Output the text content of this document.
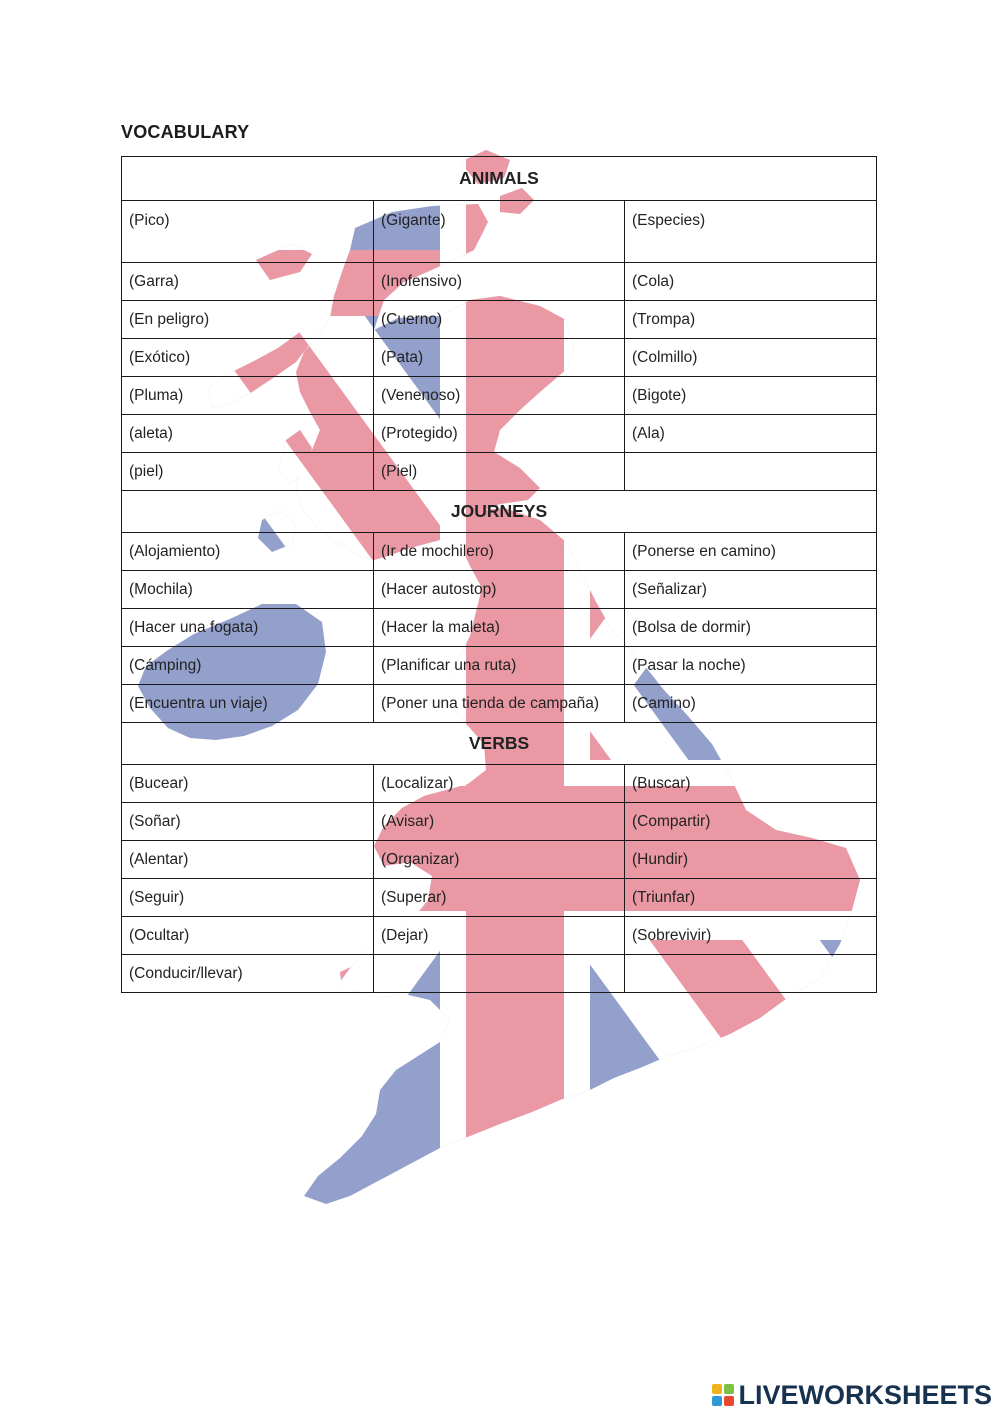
VOCABULARY
ANIMALS		
(Pico)	(Gigante)	(Especies)
(Garra)	(Inofensivo)	(Cola)
(En peligro)	(Cuerno)	(Trompa)
(Exótico)	(Pata)	(Colmillo)
(Pluma)	(Venenoso)	(Bigote)
(aleta)	(Protegido)	(Ala)
(piel)	(Piel)	
JOURNEYS		
(Alojamiento)	(Ir de mochilero)	(Ponerse en camino)
(Mochila)	(Hacer autostop)	(Señalizar)
(Hacer una fogata)	(Hacer la maleta)	(Bolsa de dormir)
(Cámping)	(Planificar una ruta)	(Pasar la noche)
(Encuentra un viaje)	(Poner una tienda de campaña)	(Camino)
VERBS		
(Bucear)	(Localizar)	(Buscar)
(Soñar)	(Avisar)	(Compartir)
(Alentar)	(Organizar)	(Hundir)
(Seguir)	(Superar)	(Triunfar)
(Ocultar)	(Dejar)	(Sobrevivir)
(Conducir/llevar)		
LIVEWORKSHEETS
